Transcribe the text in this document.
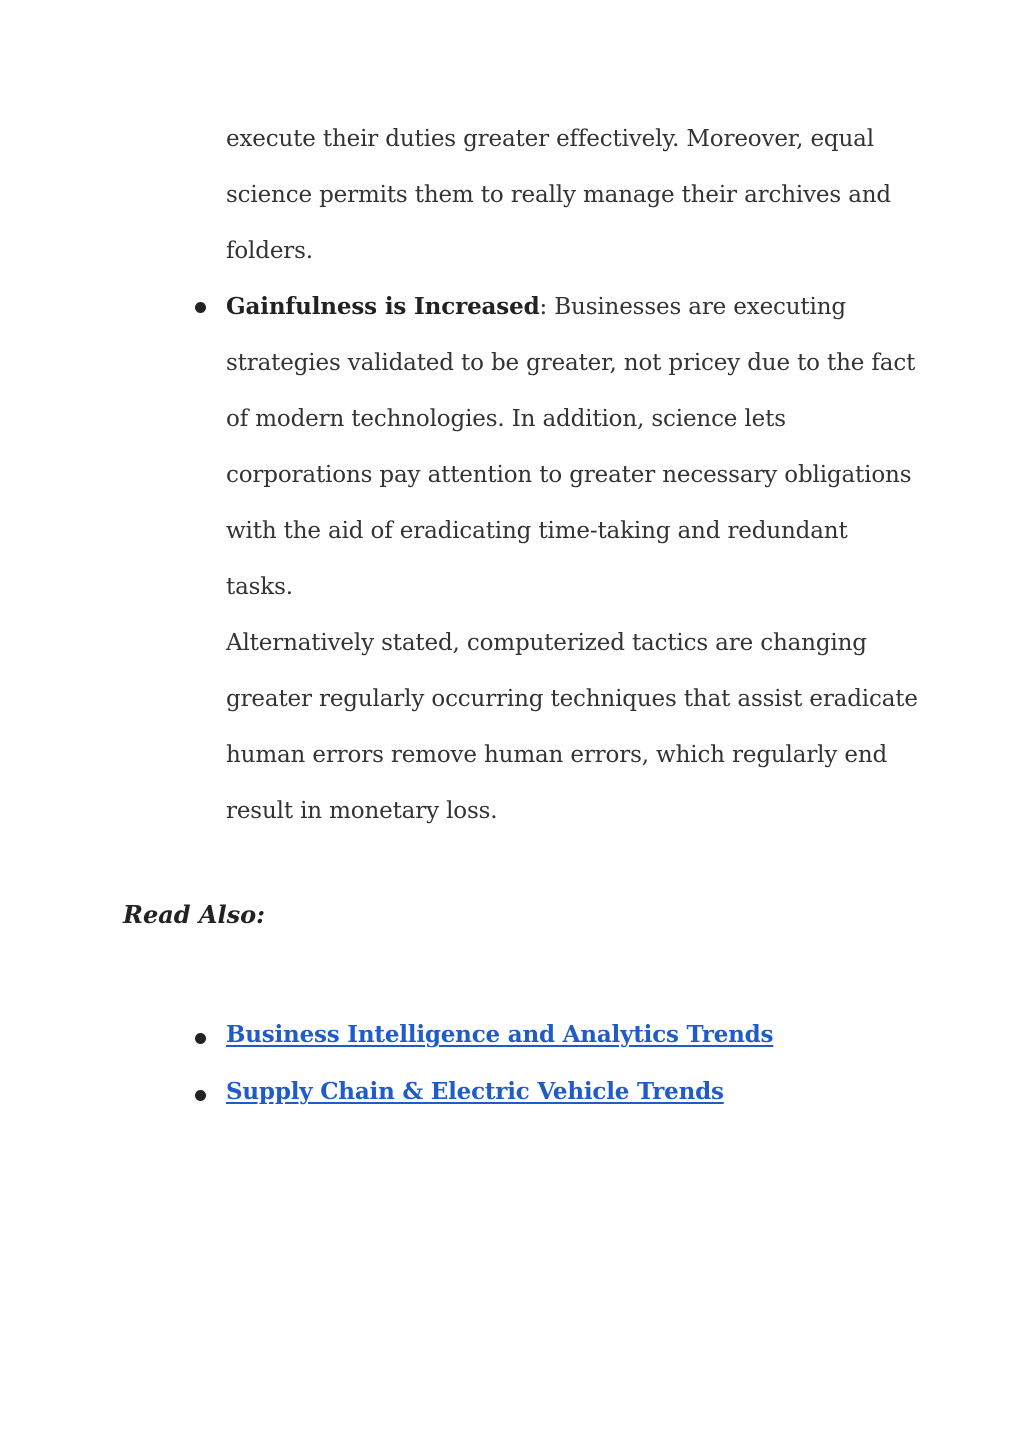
execute their duties greater effectively. Moreover, equal
science permits them to really manage their archives and
folders.
Gainfulness is Increased: Businesses are executing
strategies validated to be greater, not pricey due to the fact
of modern technologies. In addition, science lets
corporations pay attention to greater necessary obligations
with the aid of eradicating time-taking and redundant
tasks.
Alternatively stated, computerized tactics are changing
greater regularly occurring techniques that assist eradicate
human errors remove human errors, which regularly end
result in monetary loss.
Read Also:
Business Intelligence and Analytics Trends
Supply Chain & Electric Vehicle Trends
